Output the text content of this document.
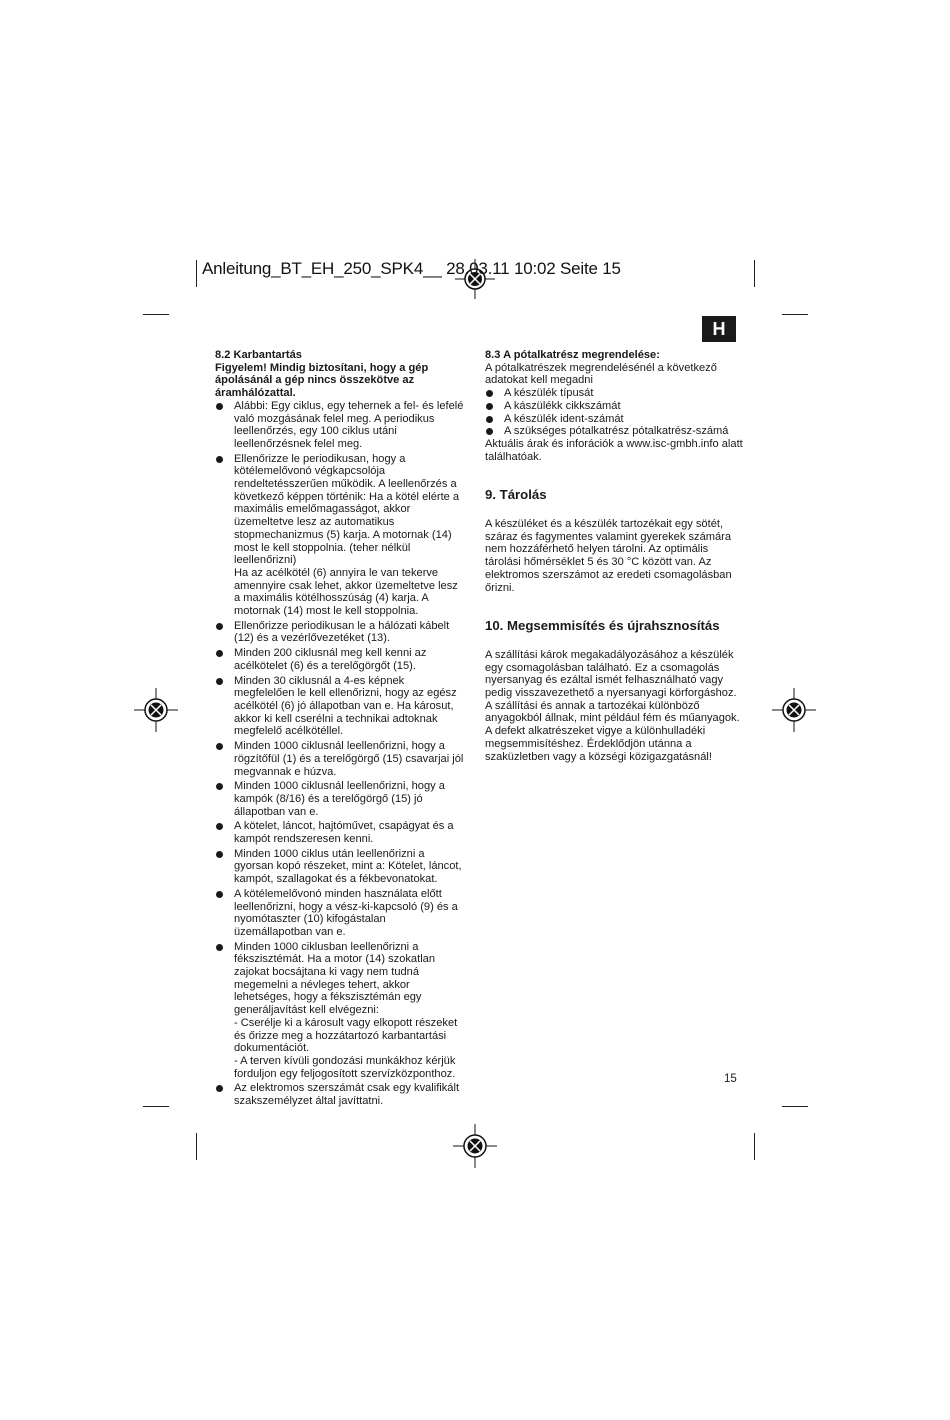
Anleitung_BT_EH_250_SPK4__ 28.03.11 10:02 Seite 15
H

8.2 Karbantartás

Figyelem! Mindig biztosítani, hogy a gép ápolásánál a gép nincs összekötve az áramhálózattal.

Alábbi: Egy ciklus, egy tehernek a fel- és lefelé való mozgásának felel meg. A periodikus leellenőrzés, egy 100 ciklus utáni leellenőrzésnek felel meg.
Ellenőrizze le periodikusan, hogy a kötélemelővonó végkapcsolója rendeltetésszerűen működik. A leellenőrzés a következő képpen történik: Ha a kötél elérte a maximális emelőmagasságot, akkor üzemeltetve lesz az automatikus stopmechanizmus (5) karja. A motornak (14) most le kell stoppolnia. (teher nélkül leellenőrizni)
Ha az acélkötél (6) annyira le van tekerve amennyire csak lehet, akkor üzemeltetve lesz a maximális kötélhosszúság (4) karja. A motornak (14) most le kell stoppolnia.
Ellenőrizze periodikusan le a hálózati kábelt (12) és a vezérlővezetéket (13).
Minden 200 ciklusnál meg kell kenni az acélkötelet (6) és a terelőgörgőt (15).
Minden 30 ciklusnál a 4-es képnek megfelelően le kell ellenőrizni, hogy az egész acélkötél (6) jó állapotban van e. Ha károsut, akkor ki kell cserélni a technikai adtoknak megfelelő acélkötéllel.
Minden 1000 ciklusnál leellenőrizni, hogy a rögzítőfül (1) és a terelőgörgő (15) csavarjai jól megvannak e húzva.
Minden 1000 ciklusnál leellenőrizni, hogy a kampók (8/16) és a terelőgörgő (15) jó állapotban van e.
A kötelet, láncot, hajtóművet, csapágyat és a kampót rendszeresen kenni.
Minden 1000 ciklus után leellenőrizni a gyorsan kopó részeket, mint a: Kötelet, láncot, kampót, szallagokat és a fékbevonatokat.
A kötélemelővonó minden használata előtt leellenőrizni, hogy a vész-ki-kapcsoló (9) és a nyomótaszter (10) kifogástalan üzemállapotban van e.
Minden 1000 ciklusban leellenőrizni a fékszisztémát. Ha a motor (14) szokatlan zajokat bocsájtana ki vagy nem tudná megemelni a névleges tehert, akkor lehetséges, hogy a fékszisztémán egy generáljavítást kell elvégezni:
- Cserélje ki a károsult vagy elkopott részeket és őrizze meg a hozzátartozó karbantartási dokumentációt.
- A terven kívüli gondozási munkákhoz kérjük forduljon egy feljogosított szervízközponthoz.
Az elektromos szerszámát csak egy kvalifikált szakszemélyzet által javíttatni.

8.3 A pótalkatrész megrendelése:

A pótalkatrészek megrendelésénél a következő adatokat kell megadni

A készülék típusát
A kászülékk cikkszámát
A készülék ident-számát
A szükséges pótalkatrész pótalkatrész-számá

Aktuális árak és inforációk a www.isc-gmbh.info alatt találhatóak.

9. Tárolás

A készüléket és a készülék tartozékait egy sötét, száraz és fagymentes valamint gyerekek számára nem hozzáférhető helyen tárolni. Az optimális tárolási hőmérséklet 5 és 30 °C között van. Az elektromos szerszámot az eredeti csomagolásban őrizni.

10. Megsemmisítés és újrahsznosítás

A szállítási károk megakadályozásához a készülék egy csomagolásban található. Ez a csomagolás nyersanyag és ezáltal ismét felhasználható vagy pedig visszavezethető a nyersanyagi körforgáshoz. A szállítási és annak a tartozékai különböző anyagokból állnak, mint például fém és műanyagok. A defekt alkatrészeket vigye a különhulladéki megsemmisítéshez. Érdeklődjön utánna a szaküzletben vagy a községi közigazgatásnál!

15
